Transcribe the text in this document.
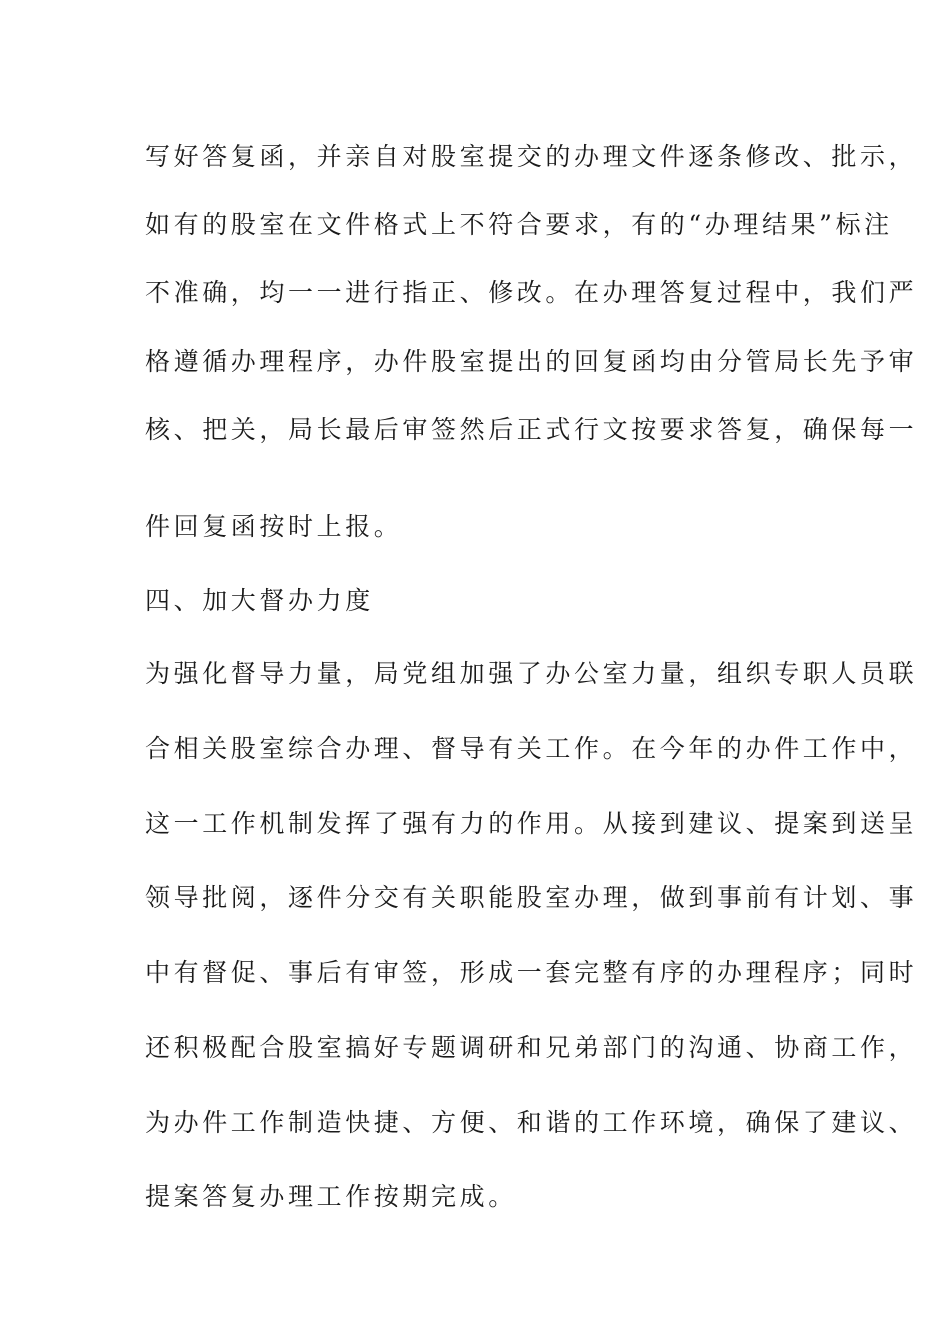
写好答复函，并亲自对股室提交的办理文件逐条修改、批示，
如有的股室在文件格式上不符合要求，有的“办理结果”标注
不准确，均一一进行指正、修改。在办理答复过程中，我们严
格遵循办理程序，办件股室提出的回复函均由分管局长先予审
核、把关，局长最后审签然后正式行文按要求答复，确保每一
件回复函按时上报。
四、加大督办力度
为强化督导力量，局党组加强了办公室力量，组织专职人员联
合相关股室综合办理、督导有关工作。在今年的办件工作中，
这一工作机制发挥了强有力的作用。从接到建议、提案到送呈
领导批阅，逐件分交有关职能股室办理，做到事前有计划、事
中有督促、事后有审签，形成一套完整有序的办理程序；同时
还积极配合股室搞好专题调研和兄弟部门的沟通、协商工作，
为办件工作制造快捷、方便、和谐的工作环境，确保了建议、
提案答复办理工作按期完成。
